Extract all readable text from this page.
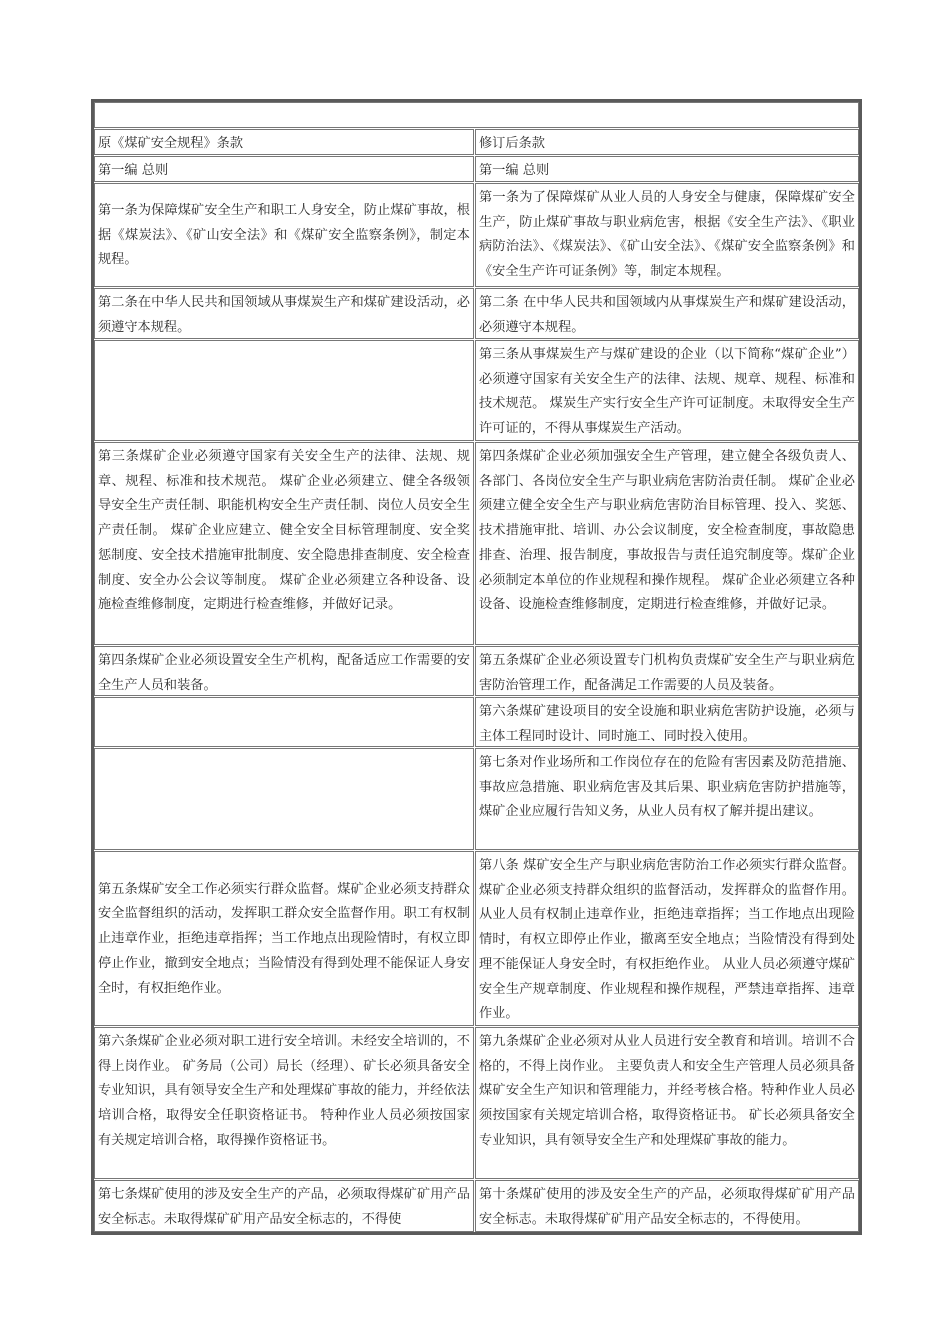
原《煤矿安全规程》条款	修订后条款
第一编 总则	第一编 总则

第一条为保障煤矿安全生产和职工人身安全，防止煤矿事故，根据《煤炭法》、《矿山安全法》和《煤矿安全监察条例》，制定本规程。

第一条为了保障煤矿从业人员的人身安全与健康，保障煤矿安全生产，防止煤矿事故与职业病危害，根据《安全生产法》、《职业病防治法》、《煤炭法》、《矿山安全法》、《煤矿安全监察条例》和《安全生产许可证条例》等，制定本规程。
第二条在中华人民共和国领域从事煤炭生产和煤矿建设活动，必须遵守本规程。
第二条 在中华人民共和国领域内从事煤炭生产和煤矿建设活动，必须遵守本规程。
第三条从事煤炭生产与煤矿建设的企业（以下简称“煤矿企业”）必须遵守国家有关安全生产的法律、法规、规章、规程、标准和技术规范。 煤炭生产实行安全生产许可证制度。未取得安全生产许可证的，不得从事煤炭生产活动。
第三条煤矿企业必须遵守国家有关安全生产的法律、法规、规章、规程、标准和技术规范。 煤矿企业必须建立、健全各级领导安全生产责任制、职能机构安全生产责任制、岗位人员安全生产责任制。 煤矿企业应建立、健全安全目标管理制度、安全奖惩制度、安全技术措施审批制度、安全隐患排查制度、安全检查制度、安全办公会议等制度。 煤矿企业必须建立各种设备、设施检查维修制度，定期进行检查维修，并做好记录。
第四条煤矿企业必须加强安全生产管理，建立健全各级负责人、各部门、各岗位安全生产与职业病危害防治责任制。 煤矿企业必须建立健全安全生产与职业病危害防治目标管理、投入、奖惩、技术措施审批、培训、办公会议制度，安全检查制度，事故隐患排查、治理、报告制度，事故报告与责任追究制度等。煤矿企业必须制定本单位的作业规程和操作规程。 煤矿企业必须建立各种设备、设施检查维修制度，定期进行检查维修，并做好记录。
第四条煤矿企业必须设置安全生产机构，配备适应工作需要的安全生产人员和装备。
第五条煤矿企业必须设置专门机构负责煤矿安全生产与职业病危害防治管理工作，配备满足工作需要的人员及装备。
第六条煤矿建设项目的安全设施和职业病危害防护设施，必须与主体工程同时设计、同时施工、同时投入使用。
第七条对作业场所和工作岗位存在的危险有害因素及防范措施、事故应急措施、职业病危害及其后果、职业病危害防护措施等，煤矿企业应履行告知义务，从业人员有权了解并提出建议。

第五条煤矿安全工作必须实行群众监督。煤矿企业必须支持群众安全监督组织的活动，发挥职工群众安全监督作用。职工有权制止违章作业，拒绝违章指挥；当工作地点出现险情时，有权立即停止作业，撤到安全地点；当险情没有得到处理不能保证人身安全时，有权拒绝作业。

第八条 煤矿安全生产与职业病危害防治工作必须实行群众监督。煤矿企业必须支持群众组织的监督活动，发挥群众的监督作用。 从业人员有权制止违章作业，拒绝违章指挥；当工作地点出现险情时，有权立即停止作业，撤离至安全地点；当险情没有得到处理不能保证人身安全时，有权拒绝作业。 从业人员必须遵守煤矿安全生产规章制度、作业规程和操作规程，严禁违章指挥、违章作业。
第六条煤矿企业必须对职工进行安全培训。未经安全培训的，不得上岗作业。 矿务局（公司）局长（经理）、矿长必须具备安全专业知识，具有领导安全生产和处理煤矿事故的能力，并经依法培训合格，取得安全任职资格证书。 特种作业人员必须按国家有关规定培训合格，取得操作资格证书。
第九条煤矿企业必须对从业人员进行安全教育和培训。培训不合格的，不得上岗作业。 主要负责人和安全生产管理人员必须具备煤矿安全生产知识和管理能力，并经考核合格。特种作业人员必须按国家有关规定培训合格，取得资格证书。 矿长必须具备安全专业知识，具有领导安全生产和处理煤矿事故的能力。
第七条煤矿使用的涉及安全生产的产品，必须取得煤矿矿用产品安全标志。未取得煤矿矿用产品安全标志的，不得使
第十条煤矿使用的涉及安全生产的产品，必须取得煤矿矿用产品安全标志。未取得煤矿矿用产品安全标志的，不得使用。
